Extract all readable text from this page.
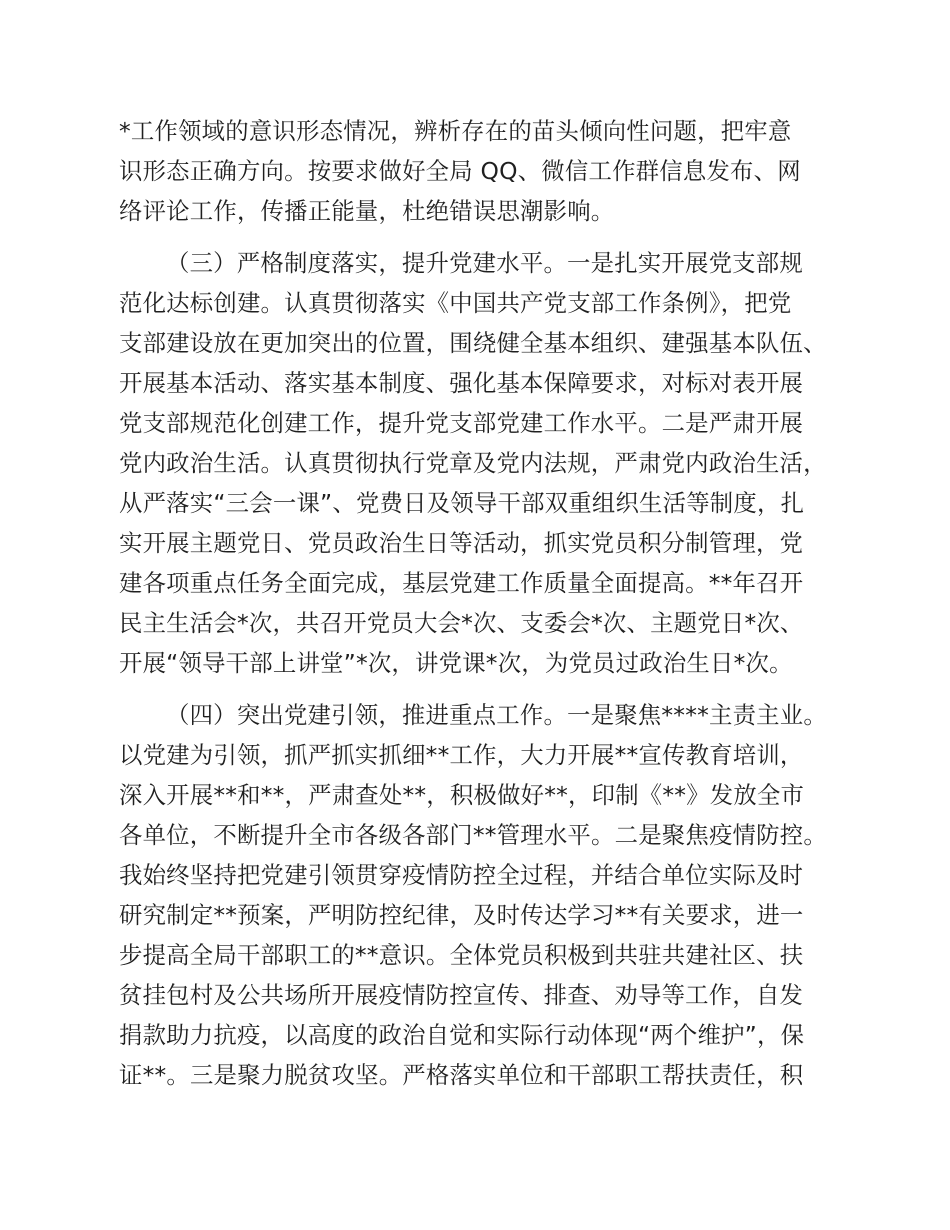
*工作领域的意识形态情况，辨析存在的苗头倾向性问题，把牢意
识形态正确方向。按要求做好全局 QQ、微信工作群信息发布、网
络评论工作，传播正能量，杜绝错误思潮影响。
（三）严格制度落实，提升党建水平。一是扎实开展党支部规
范化达标创建。认真贯彻落实《中国共产党支部工作条例》，把党
支部建设放在更加突出的位置，围绕健全基本组织、建强基本队伍、
开展基本活动、落实基本制度、强化基本保障要求，对标对表开展
党支部规范化创建工作，提升党支部党建工作水平。二是严肃开展
党内政治生活。认真贯彻执行党章及党内法规，严肃党内政治生活，
从严落实“三会一课”、党费日及领导干部双重组织生活等制度，扎
实开展主题党日、党员政治生日等活动，抓实党员积分制管理，党
建各项重点任务全面完成，基层党建工作质量全面提高。**年召开
民主生活会*次，共召开党员大会*次、支委会*次、主题党日*次、
开展“领导干部上讲堂”*次，讲党课*次，为党员过政治生日*次。
（四）突出党建引领，推进重点工作。一是聚焦****主责主业。
以党建为引领，抓严抓实抓细**工作，大力开展**宣传教育培训，
深入开展**和**，严肃查处**，积极做好**，印制《**》发放全市
各单位，不断提升全市各级各部门**管理水平。二是聚焦疫情防控。
我始终坚持把党建引领贯穿疫情防控全过程，并结合单位实际及时
研究制定**预案，严明防控纪律，及时传达学习**有关要求，进一
步提高全局干部职工的**意识。全体党员积极到共驻共建社区、扶
贫挂包村及公共场所开展疫情防控宣传、排查、劝导等工作，自发
捐款助力抗疫，以高度的政治自觉和实际行动体现“两个维护”，保
证**。三是聚力脱贫攻坚。严格落实单位和干部职工帮扶责任，积
